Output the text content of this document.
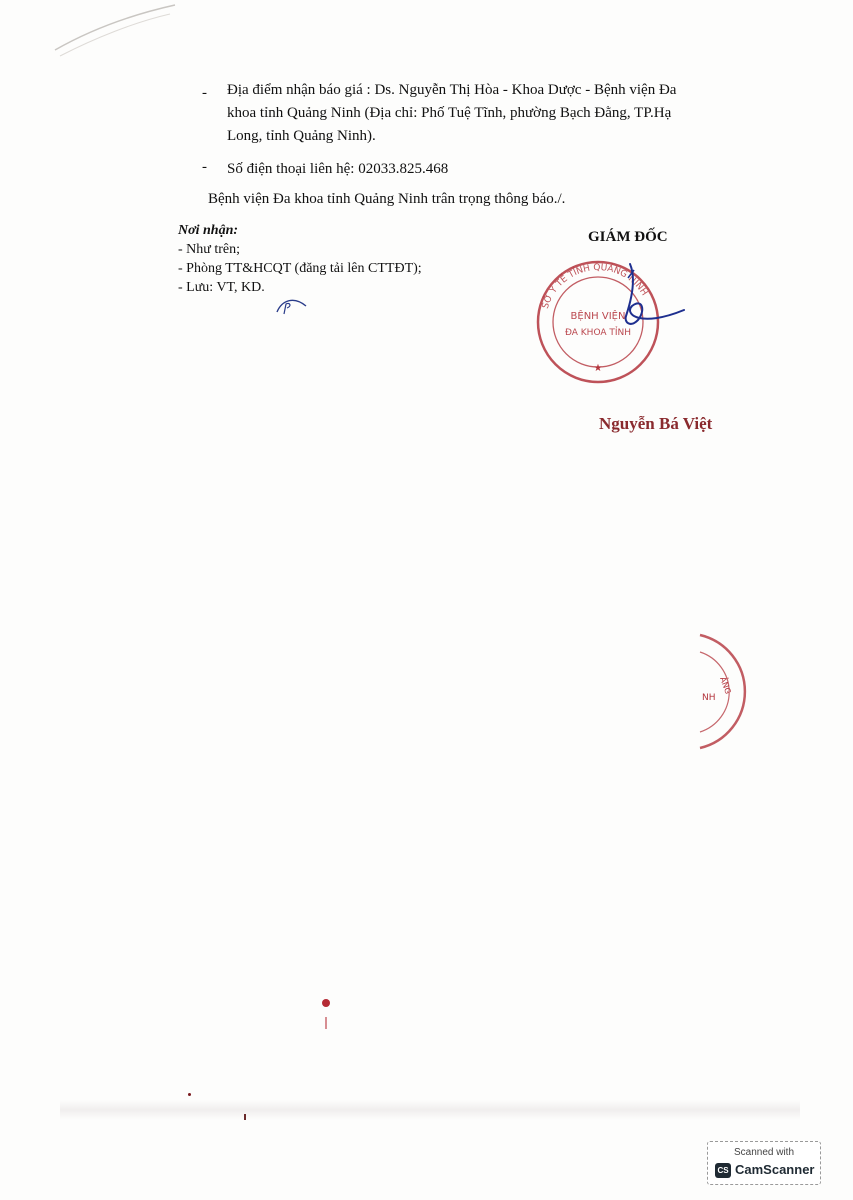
- Địa điểm nhận báo giá : Ds. Nguyễn Thị Hòa - Khoa Dược - Bệnh viện Đa
khoa tỉnh Quảng Ninh (Địa chỉ: Phố Tuệ Tĩnh, phường Bạch Đằng, TP.Hạ
Long, tỉnh Quảng Ninh).
- Số điện thoại liên hệ: 02033.825.468
Bệnh viện Đa khoa tỉnh Quảng Ninh trân trọng thông báo./.
Nơi nhận:
- Như trên;
- Phòng TT&HCQT (đăng tải lên CTTĐT);
- Lưu: VT, KD.
GIÁM ĐỐC
SỞ Y TẾ TỈNH QUẢNG NINH
BỆNH VIỆN
ĐA KHOA TỈNH
★
Nguyễn Bá Việt
ẢNG
NH
Scanned with
CS CamScanner
